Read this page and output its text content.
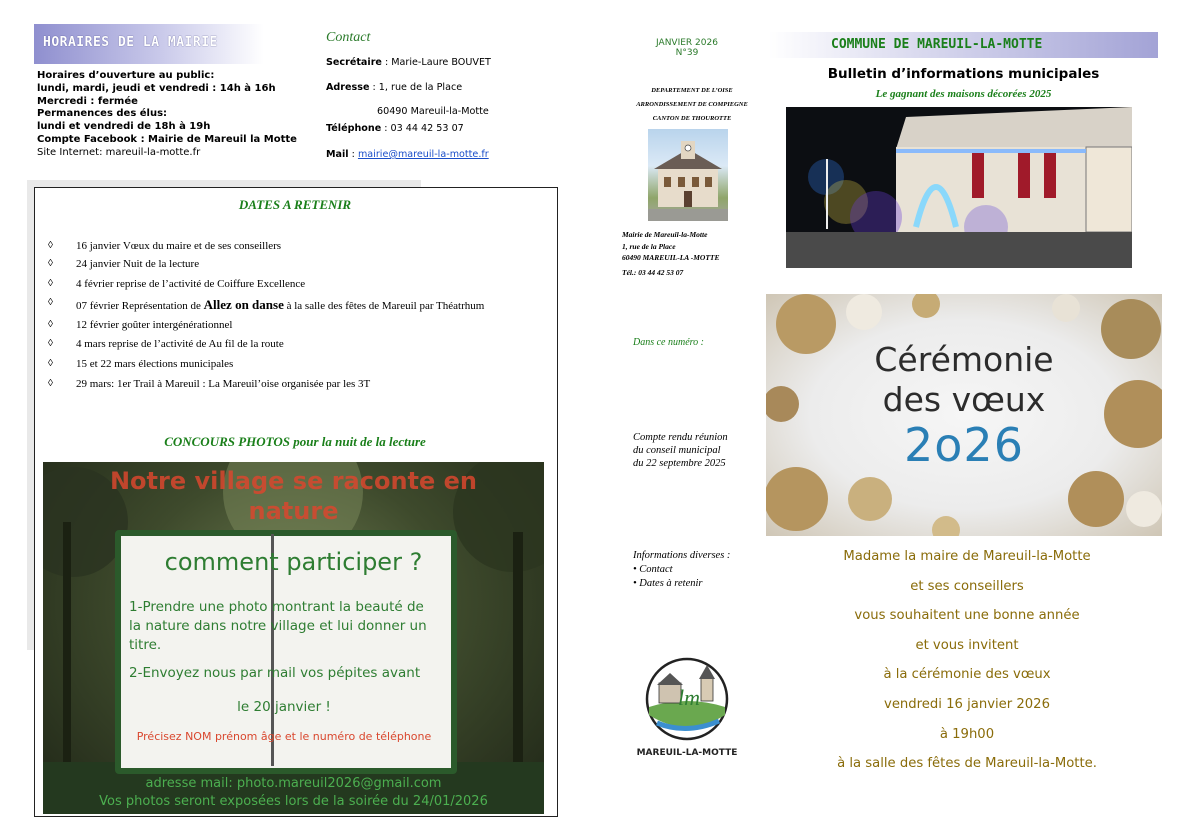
HORAIRES DE LA MAIRIE
Horaires d’ouverture au public:
lundi, mardi, jeudi et vendredi : 14h à 16h
Mercredi : fermée
Permanences des élus:
lundi et vendredi de 18h à 19h
Compte Facebook : Mairie de Mareuil la Motte
Site Internet: mareuil-la-motte.fr
Contact
Secrétaire : Marie-Laure BOUVET
Adresse : 1, rue de la Place
60490 Mareuil-la-Motte
Téléphone : 03 44 42 53 07
Mail : mairie@mareuil-la-motte.fr
DATES A RETENIR
◊ 16 janvier Vœux du maire et de ses conseillers
◊ 24 janvier Nuit de la lecture
◊ 4 février reprise de l’activité de Coiffure Excellence
◊ 07 février Représentation de Allez on danse à la salle des fêtes de Mareuil par Théatrhum
◊ 12 février goûter intergénérationnel
◊ 4 mars reprise de l’activité de Au fil de la route
◊ 15 et 22 mars élections municipales
◊ 29 mars: 1er Trail à Mareuil : La Mareuil’oise organisée par les 3T
CONCOURS PHOTOS pour la nuit de la lecture
Notre village se raconte en
nature
comment participer ?
1-Prendre une photo montrant la beauté de la nature dans notre village et lui donner un titre.
2-Envoyez nous par mail vos pépites avant
le 20 janvier !
Précisez NOM prénom âge et le numéro de téléphone
adresse mail: photo.mareuil2026@gmail.com
Vos photos seront exposées lors de la soirée du 24/01/2026
JANVIER 2026
N°39
DEPARTEMENT DE L’OISE
ARRONDISSEMENT DE COMPIEGNE
CANTON DE THOUROTTE
Mairie de Mareuil-la-Motte
1, rue de la Place
60490 MAREUIL-LA -MOTTE
Tél.: 03 44 42 53 07
Dans ce numéro :
Compte rendu réunion
du conseil municipal
du 22 septembre 2025
Informations diverses :
• Contact
• Dates à retenir
lm
MAREUIL-LA-MOTTE
COMMUNE DE MAREUIL-LA-MOTTE
Bulletin d’informations municipales
Le gagnant des maisons décorées 2025
Cérémonie
des vœux
2o26
Madame la maire de Mareuil-la-Motte
et ses conseillers
vous souhaitent une bonne année
et vous invitent
à la cérémonie des vœux
vendredi 16 janvier 2026
à 19h00
à la salle des fêtes de Mareuil-la-Motte.
